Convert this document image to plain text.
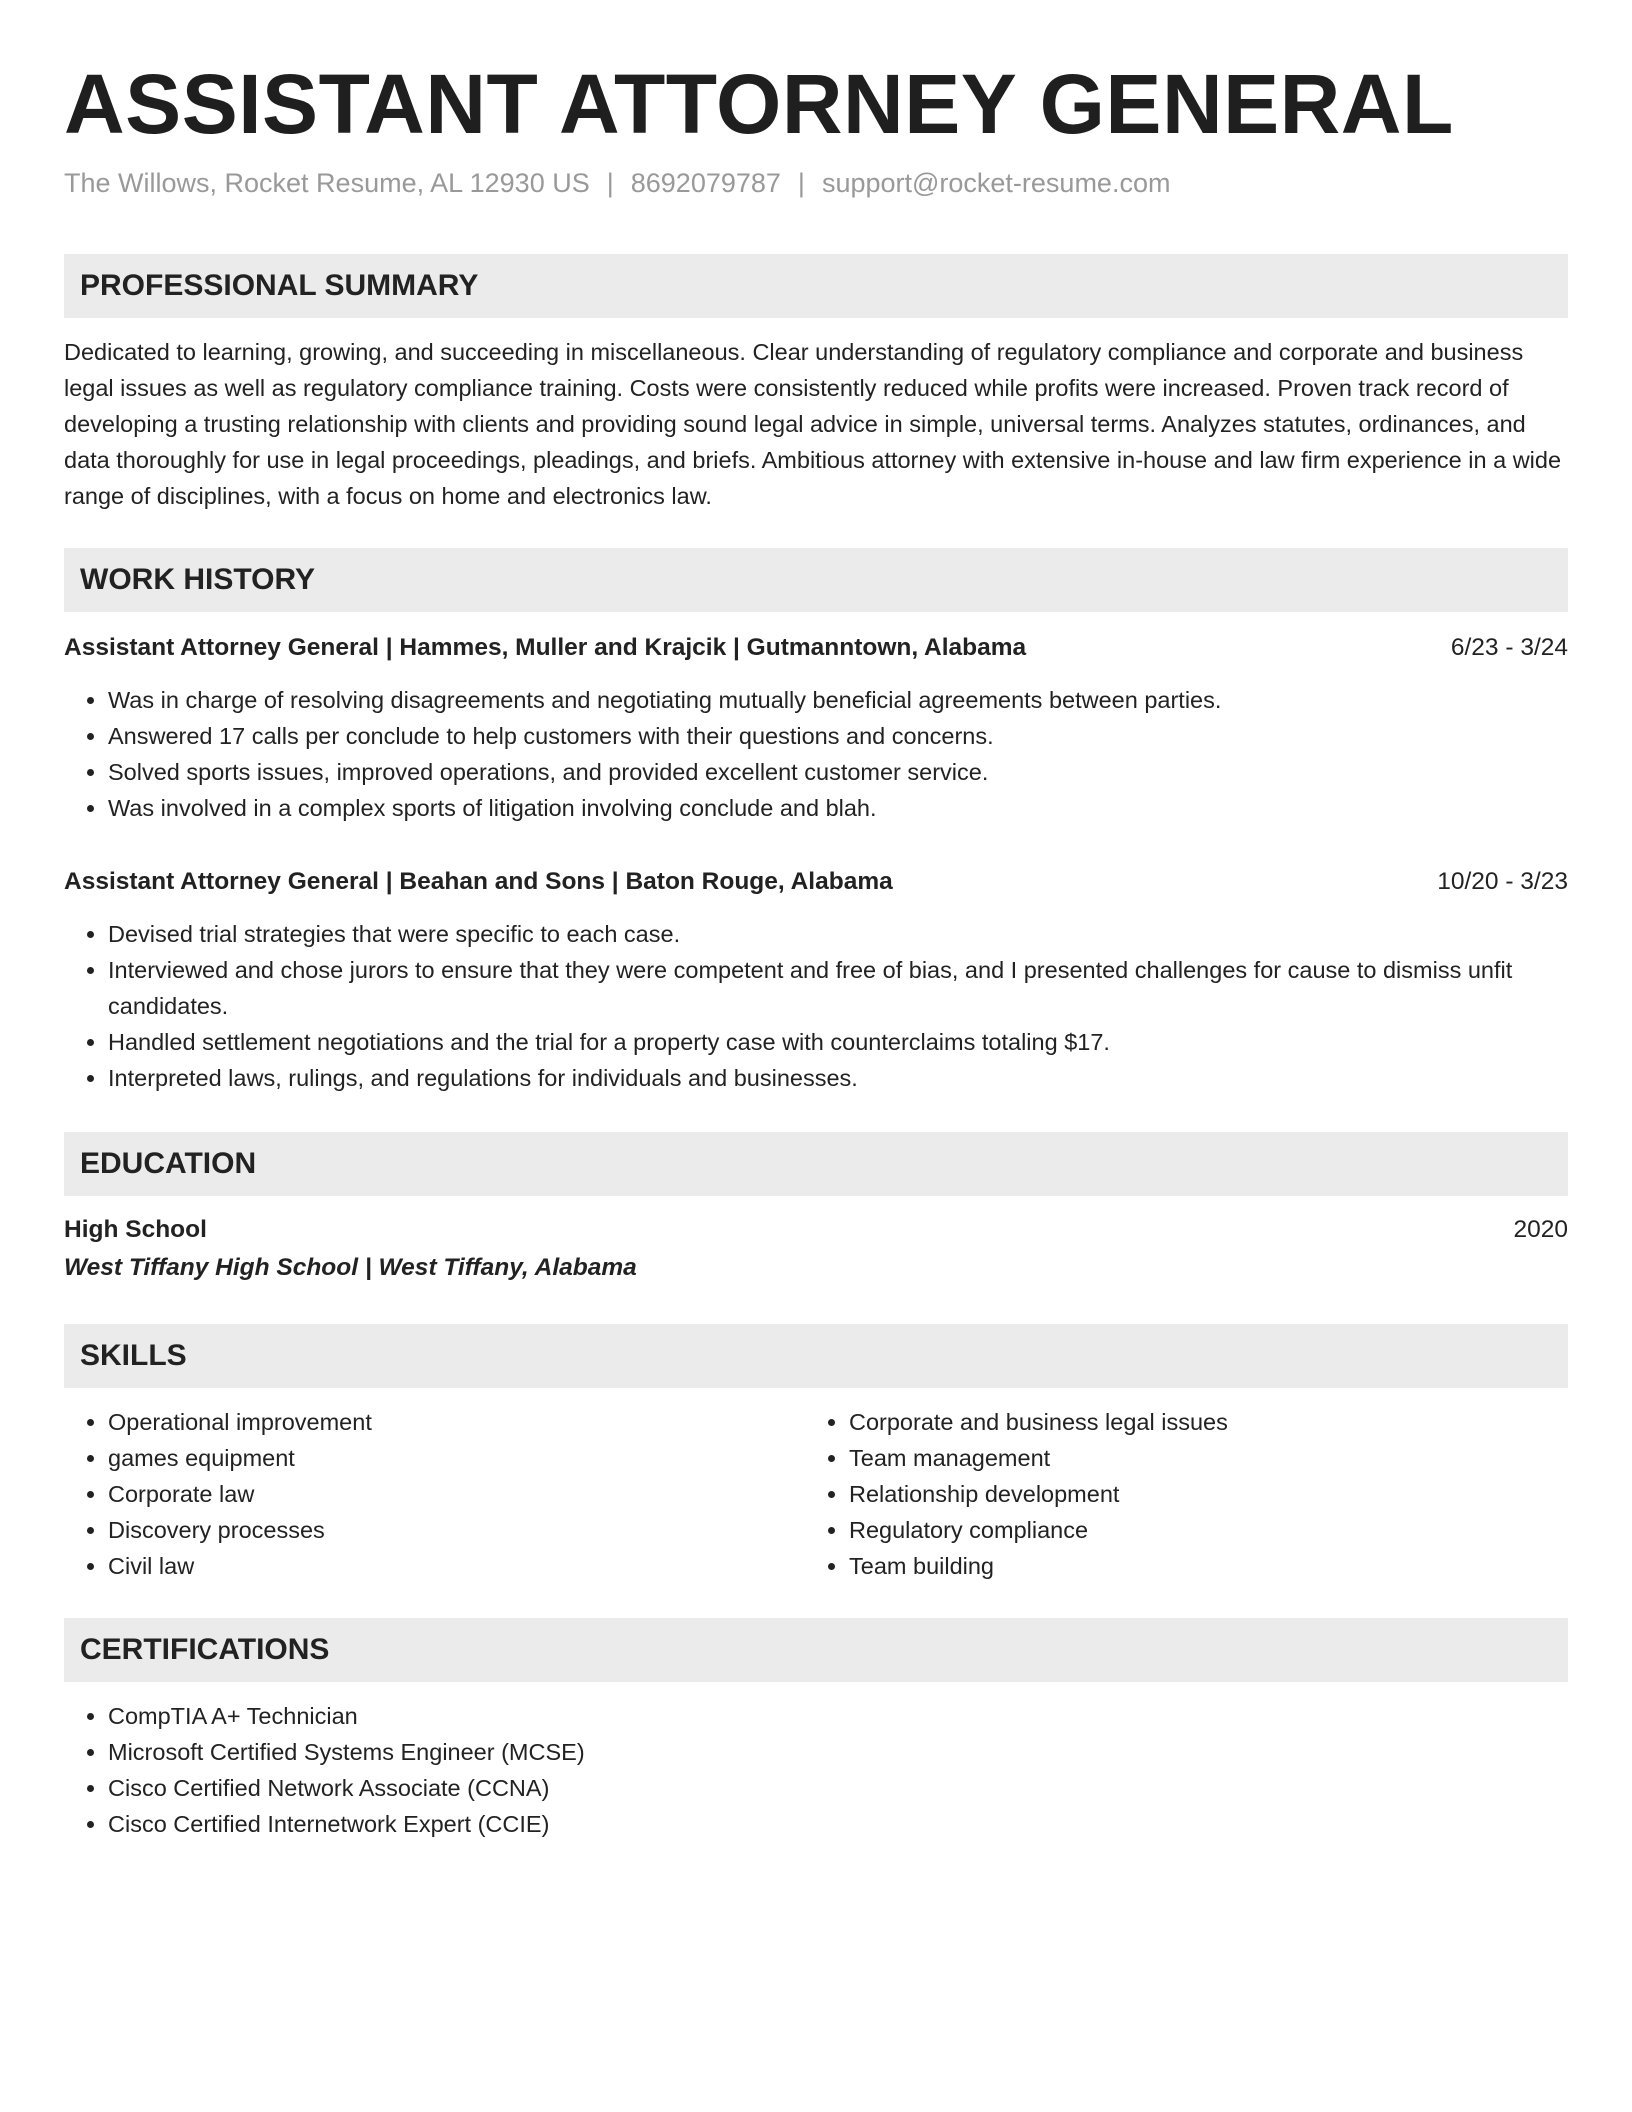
ASSISTANT ATTORNEY GENERAL
The Willows, Rocket Resume, AL 12930 US | 8692079787 | support@rocket-resume.com
PROFESSIONAL SUMMARY
Dedicated to learning, growing, and succeeding in miscellaneous. Clear understanding of regulatory compliance and corporate and business legal issues as well as regulatory compliance training. Costs were consistently reduced while profits were increased. Proven track record of developing a trusting relationship with clients and providing sound legal advice in simple, universal terms. Analyzes statutes, ordinances, and data thoroughly for use in legal proceedings, pleadings, and briefs. Ambitious attorney with extensive in-house and law firm experience in a wide range of disciplines, with a focus on home and electronics law.
WORK HISTORY
Assistant Attorney General | Hammes, Muller and Krajcik | Gutmanntown, Alabama	6/23 - 3/24
• Was in charge of resolving disagreements and negotiating mutually beneficial agreements between parties.
• Answered 17 calls per conclude to help customers with their questions and concerns.
• Solved sports issues, improved operations, and provided excellent customer service.
• Was involved in a complex sports of litigation involving conclude and blah.
Assistant Attorney General | Beahan and Sons | Baton Rouge, Alabama	10/20 - 3/23
• Devised trial strategies that were specific to each case.
• Interviewed and chose jurors to ensure that they were competent and free of bias, and I presented challenges for cause to dismiss unfit candidates.
• Handled settlement negotiations and the trial for a property case with counterclaims totaling $17.
• Interpreted laws, rulings, and regulations for individuals and businesses.
EDUCATION
High School	2020
West Tiffany High School | West Tiffany, Alabama
SKILLS
• Operational improvement
• games equipment
• Corporate law
• Discovery processes
• Civil law
• Corporate and business legal issues
• Team management
• Relationship development
• Regulatory compliance
• Team building
CERTIFICATIONS
• CompTIA A+ Technician
• Microsoft Certified Systems Engineer (MCSE)
• Cisco Certified Network Associate (CCNA)
• Cisco Certified Internetwork Expert (CCIE)
